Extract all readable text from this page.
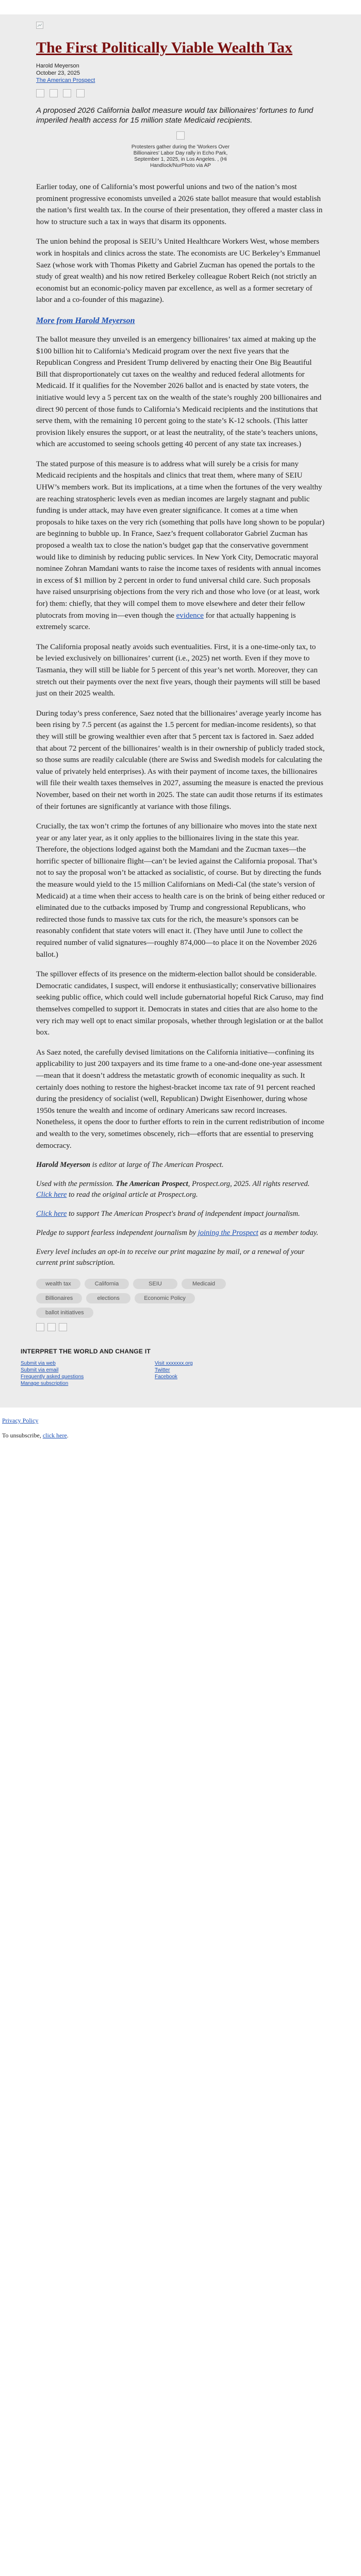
The First Politically Viable Wealth Tax
Harold Meyerson
October 23, 2025
The American Prospect

A proposed 2026 California ballot measure would tax billionaires’ fortunes to fund imperiled health access for 15 million state Medicaid recipients.

Protesters gather during the 'Workers Over Billionaires' Labor Day rally in Echo Park, September 1, 2025, in Los Angeles. , (Hi Handlock/NurPhoto via AP

Earlier today, one of California’s most powerful unions and two of the nation’s most prominent progressive economists unveiled a 2026 state ballot measure that would establish the nation’s first wealth tax. In the course of their presentation, they offered a master class in how to structure such a tax in ways that disarm its opponents.

The union behind the proposal is SEIU’s United Healthcare Workers West, whose members work in hospitals and clinics across the state. The economists are UC Berkeley’s Emmanuel Saez (whose work with Thomas Piketty and Gabriel Zucman has opened the portals to the study of great wealth) and his now retired Berkeley colleague Robert Reich (not strictly an economist but an economic-policy maven par excellence, as well as a former secretary of labor and a co-founder of this magazine).

More from Harold Meyerson

The ballot measure they unveiled is an emergency billionaires’ tax aimed at making up the $100 billion hit to California’s Medicaid program over the next five years that the Republican Congress and President Trump delivered by enacting their One Big Beautiful Bill that disproportionately cut taxes on the wealthy and reduced federal allotments for Medicaid. If it qualifies for the November 2026 ballot and is enacted by state voters, the initiative would levy a 5 percent tax on the wealth of the state’s roughly 200 billionaires and direct 90 percent of those funds to California’s Medicaid recipients and the institutions that serve them, with the remaining 10 percent going to the state’s K-12 schools. (This latter provision likely ensures the support, or at least the neutrality, of the state’s teachers unions, which are accustomed to seeing schools getting 40 percent of any state tax increases.)

The stated purpose of this measure is to address what will surely be a crisis for many Medicaid recipients and the hospitals and clinics that treat them, where many of SEIU UHW’s members work. But its implications, at a time when the fortunes of the very wealthy are reaching stratospheric levels even as median incomes are largely stagnant and public funding is under attack, may have even greater significance. It comes at a time when proposals to hike taxes on the very rich (something that polls have long shown to be popular) are beginning to bubble up. In France, Saez’s frequent collaborator Gabriel Zucman has proposed a wealth tax to close the nation’s budget gap that the conservative government would like to diminish by reducing public services. In New York City, Democratic mayoral nominee Zohran Mamdani wants to raise the income taxes of residents with annual incomes in excess of $1 million by 2 percent in order to fund universal child care. Such proposals have raised unsurprising objections from the very rich and those who love (or at least, work for) them: chiefly, that they will compel them to move elsewhere and deter their fellow plutocrats from moving in—even though the evidence for that actually happening is extremely scarce.

The California proposal neatly avoids such eventualities. First, it is a one-time-only tax, to be levied exclusively on billionaires’ current (i.e., 2025) net worth. Even if they move to Tasmania, they will still be liable for 5 percent of this year’s net worth. Moreover, they can stretch out their payments over the next five years, though their payments will still be based just on their 2025 wealth.

During today’s press conference, Saez noted that the billionaires’ average yearly income has been rising by 7.5 percent (as against the 1.5 percent for median-income residents), so that they will still be growing wealthier even after that 5 percent tax is factored in. Saez added that about 72 percent of the billionaires’ wealth is in their ownership of publicly traded stock, so those sums are readily calculable (there are Swiss and Swedish models for calculating the value of privately held enterprises). As with their payment of income taxes, the billionaires will file their wealth taxes themselves in 2027, assuming the measure is enacted the previous November, based on their net worth in 2025. The state can audit those returns if its estimates of their fortunes are significantly at variance with those filings.

Crucially, the tax won’t crimp the fortunes of any billionaire who moves into the state next year or any later year, as it only applies to the billionaires living in the state this year. Therefore, the objections lodged against both the Mamdani and the Zucman taxes—the horrific specter of billionaire flight—can’t be levied against the California proposal. That’s not to say the proposal won’t be attacked as socialistic, of course. But by directing the funds the measure would yield to the 15 million Californians on Medi-Cal (the state’s version of Medicaid) at a time when their access to health care is on the brink of being either reduced or eliminated due to the cutbacks imposed by Trump and congressional Republicans, who redirected those funds to massive tax cuts for the rich, the measure’s sponsors can be reasonably confident that state voters will enact it. (They have until June to collect the required number of valid signatures—roughly 874,000—to place it on the November 2026 ballot.)

The spillover effects of its presence on the midterm-election ballot should be considerable. Democratic candidates, I suspect, will endorse it enthusiastically; conservative billionaires seeking public office, which could well include gubernatorial hopeful Rick Caruso, may find themselves compelled to support it. Democrats in states and cities that are also home to the very rich may well opt to enact similar proposals, whether through legislation or at the ballot box.

As Saez noted, the carefully devised limitations on the California initiative—confining its applicability to just 200 taxpayers and its time frame to a one-and-done one-year assessment—mean that it doesn’t address the metastatic growth of economic inequality as such. It certainly does nothing to restore the highest-bracket income tax rate of 91 percent reached during the presidency of socialist (well, Republican) Dwight Eisenhower, during whose 1950s tenure the wealth and income of ordinary Americans saw record increases. Nonetheless, it opens the door to further efforts to rein in the current redistribution of income and wealth to the very, sometimes obscenely, rich—efforts that are essential to preserving democracy.

Harold Meyerson is editor at large of The American Prospect.

Used with the permission. The American Prospect, Prospect.org, 2025. All rights reserved. Click here to read the original article at Prospect.org.

Click here to support The American Prospect's brand of independent impact journalism.

Pledge to support fearless independent journalism by joining the Prospect as a member today.

Every level includes an opt-in to receive our print magazine by mail, or a renewal of your current print subscription.

wealth tax	California	SEIU	Medicaid
Billionaires	elections	Economic Policy
ballot initiatives
INTERPRET THE WORLD AND CHANGE IT
Submit via web
Submit via email
Frequently asked questions
Manage subscription
Visit xxxxxxx.org
Twitter
Facebook
Privacy Policy
To unsubscribe, click here.
